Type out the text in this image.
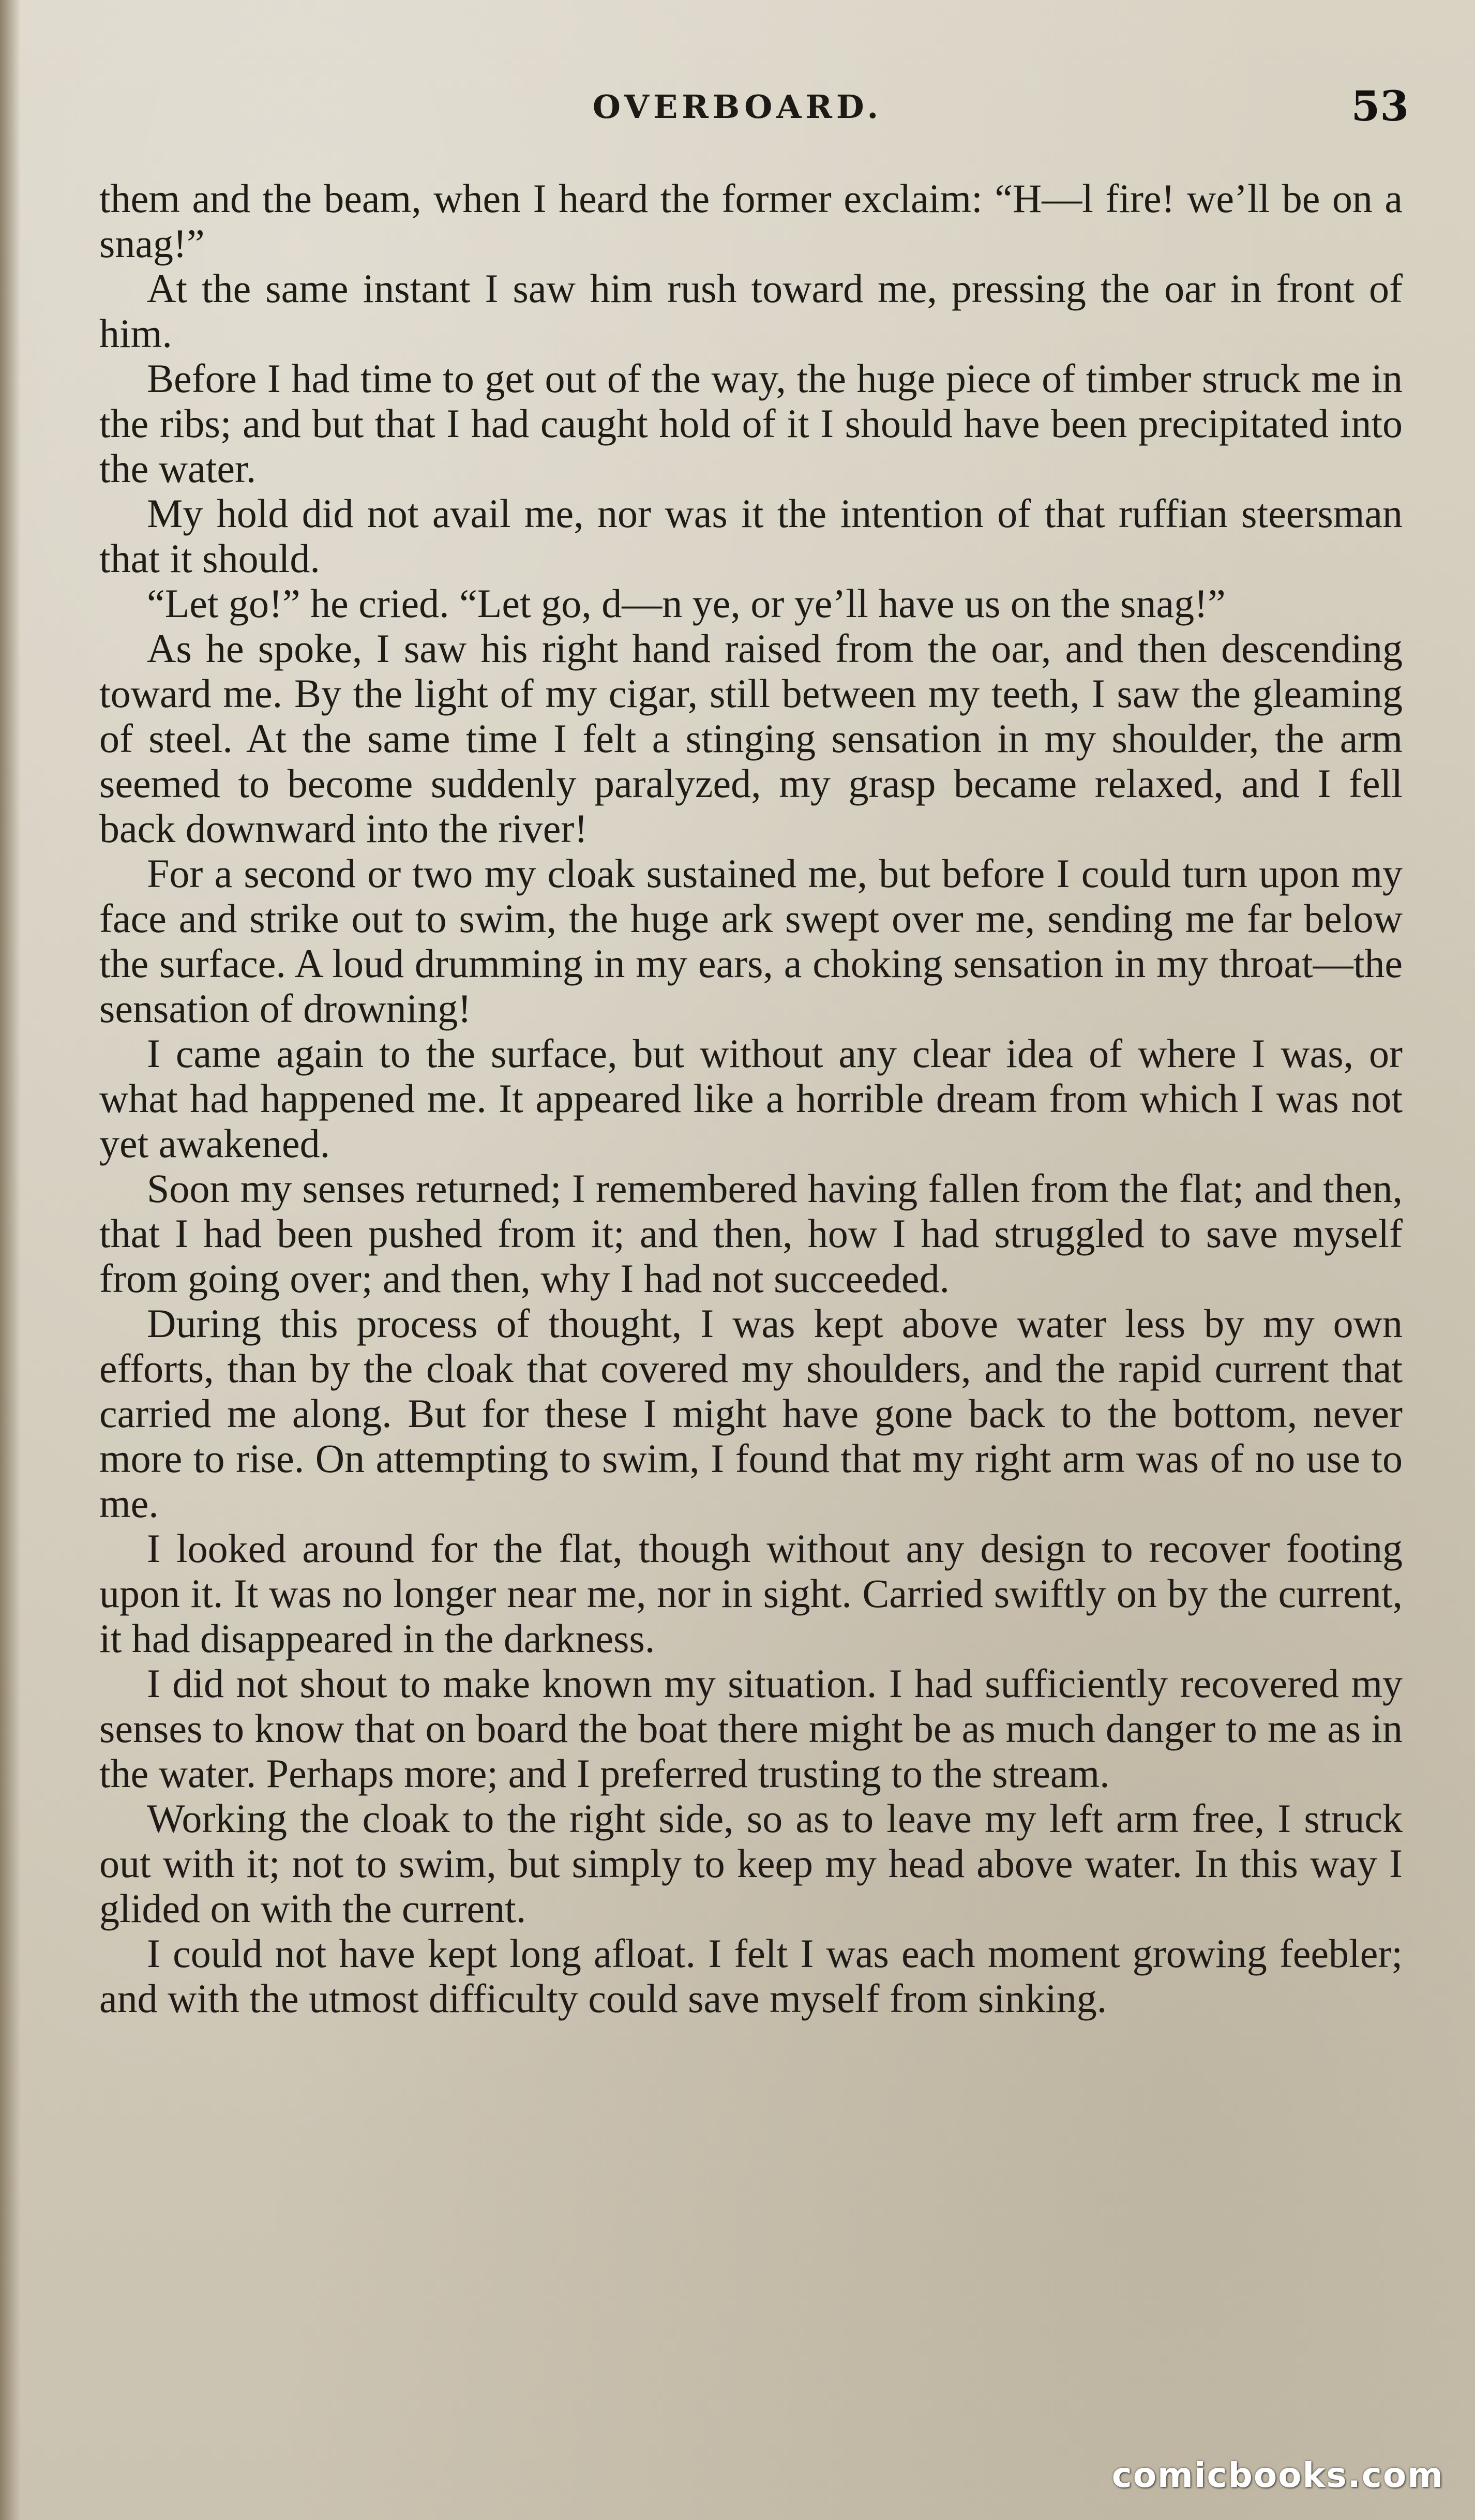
OVERBOARD.	53

them and the beam, when I heard the former exclaim: “H—l fire! we’ll be on a snag!”

At the same instant I saw him rush toward me, pressing the oar in front of him.

Before I had time to get out of the way, the huge piece of timber struck me in the ribs; and but that I had caught hold of it I should have been precipitated into the water.

My hold did not avail me, nor was it the intention of that ruffian steersman that it should.

“Let go!” he cried. “Let go, d—n ye, or ye’ll have us on the snag!”

As he spoke, I saw his right hand raised from the oar, and then descending toward me. By the light of my cigar, still between my teeth, I saw the gleaming of steel. At the same time I felt a stinging sensation in my shoulder, the arm seemed to become suddenly paralyzed, my grasp became relaxed, and I fell back downward into the river!

For a second or two my cloak sustained me, but before I could turn upon my face and strike out to swim, the huge ark swept over me, sending me far below the surface. A loud drumming in my ears, a choking sensation in my throat—the sensation of drowning!

I came again to the surface, but without any clear idea of where I was, or what had happened me. It appeared like a horrible dream from which I was not yet awakened.

Soon my senses returned; I remembered having fallen from the flat; and then, that I had been pushed from it; and then, how I had struggled to save myself from going over; and then, why I had not succeeded.

During this process of thought, I was kept above water less by my own efforts, than by the cloak that covered my shoulders, and the rapid current that carried me along. But for these I might have gone back to the bottom, never more to rise. On attempting to swim, I found that my right arm was of no use to me.

I looked around for the flat, though without any design to recover footing upon it. It was no longer near me, nor in sight. Carried swiftly on by the current, it had disappeared in the darkness.

I did not shout to make known my situation. I had sufficiently recovered my senses to know that on board the boat there might be as much danger to me as in the water. Perhaps more; and I preferred trusting to the stream.

Working the cloak to the right side, so as to leave my left arm free, I struck out with it; not to swim, but simply to keep my head above water. In this way I glided on with the current.

I could not have kept long afloat. I felt I was each moment growing feebler; and with the utmost difficulty could save myself from sinking.

comicbooks.com
